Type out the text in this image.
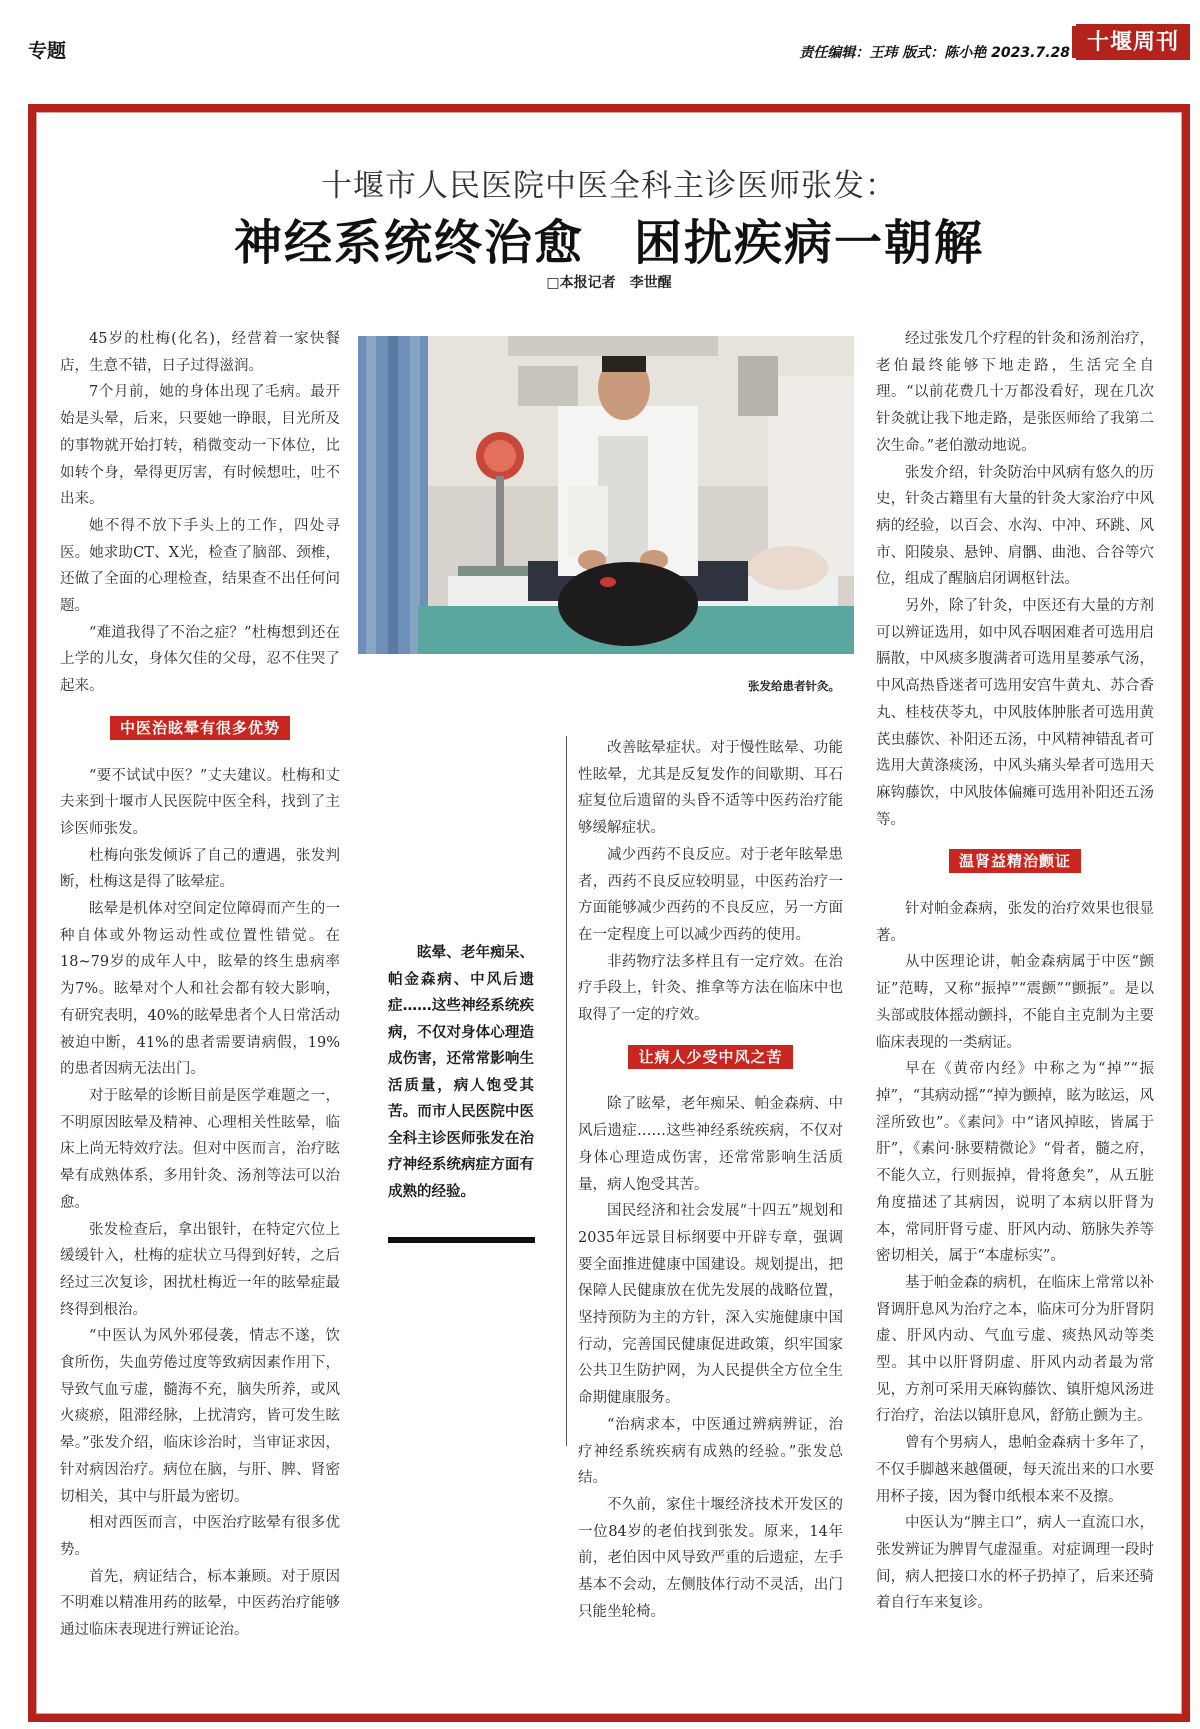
专题	责任编辑：王玮 版式：陈小艳 2023.7.28 十堰周刊
十堰市人民医院中医全科主诊医师张发：
神经系统终治愈　困扰疾病一朝解
□本报记者　李世醒

45岁的杜梅(化名)，经营着一家快餐店，生意不错，日子过得滋润。

7个月前，她的身体出现了毛病。最开始是头晕，后来，只要她一睁眼，目光所及的事物就开始打转，稍微变动一下体位，比如转个身，晕得更厉害，有时候想吐，吐不出来。

她不得不放下手头上的工作，四处寻医。她求助CT、X光，检查了脑部、颈椎，还做了全面的心理检查，结果查不出任何问题。

“难道我得了不治之症？”杜梅想到还在上学的儿女，身体欠佳的父母，忍不住哭了起来。

中医治眩晕有很多优势

“要不试试中医？”丈夫建议。杜梅和丈夫来到十堰市人民医院中医全科，找到了主诊医师张发。

杜梅向张发倾诉了自己的遭遇，张发判断，杜梅这是得了眩晕症。

眩晕是机体对空间定位障碍而产生的一种自体或外物运动性或位置性错觉。在18~79岁的成年人中，眩晕的终生患病率为7%。眩晕对个人和社会都有较大影响，有研究表明，40%的眩晕患者个人日常活动被迫中断，41%的患者需要请病假，19%的患者因病无法出门。

对于眩晕的诊断目前是医学难题之一，不明原因眩晕及精神、心理相关性眩晕，临床上尚无特效疗法。但对中医而言，治疗眩晕有成熟体系，多用针灸、汤剂等法可以治愈。

张发检查后，拿出银针，在特定穴位上缓缓针入，杜梅的症状立马得到好转，之后经过三次复诊，困扰杜梅近一年的眩晕症最终得到根治。

“中医认为风外邪侵袭，情志不遂，饮食所伤，失血劳倦过度等致病因素作用下，导致气血亏虚，髓海不充，脑失所养，或风火痰瘀，阻滞经脉，上扰清窍，皆可发生眩晕。”张发介绍，临床诊治时，当审证求因，针对病因治疗。病位在脑，与肝、脾、肾密切相关，其中与肝最为密切。

相对西医而言，中医治疗眩晕有很多优势。

首先，病证结合，标本兼顾。对于原因不明难以精准用药的眩晕，中医药治疗能够通过临床表现进行辨证论治。

张发给患者针灸。
眩晕、老年痴呆、帕金森病、中风后遗症……这些神经系统疾病，不仅对身体心理造成伤害，还常常影响生活质量，病人饱受其苦。而市人民医院中医全科主诊医师张发在治疗神经系统病症方面有成熟的经验。

改善眩晕症状。对于慢性眩晕、功能性眩晕，尤其是反复发作的间歇期、耳石症复位后遗留的头昏不适等中医药治疗能够缓解症状。

减少西药不良反应。对于老年眩晕患者，西药不良反应较明显，中医药治疗一方面能够减少西药的不良反应，另一方面在一定程度上可以减少西药的使用。

非药物疗法多样且有一定疗效。在治疗手段上，针灸、推拿等方法在临床中也取得了一定的疗效。

让病人少受中风之苦

除了眩晕，老年痴呆、帕金森病、中风后遗症……这些神经系统疾病，不仅对身体心理造成伤害，还常常影响生活质量，病人饱受其苦。

国民经济和社会发展“十四五”规划和2035年远景目标纲要中开辟专章，强调要全面推进健康中国建设。规划提出，把保障人民健康放在优先发展的战略位置，坚持预防为主的方针，深入实施健康中国行动，完善国民健康促进政策，织牢国家公共卫生防护网，为人民提供全方位全生命期健康服务。

“治病求本，中医通过辨病辨证，治疗神经系统疾病有成熟的经验。”张发总结。

不久前，家住十堰经济技术开发区的一位84岁的老伯找到张发。原来，14年前，老伯因中风导致严重的后遗症，左手基本不会动，左侧肢体行动不灵活，出门只能坐轮椅。

经过张发几个疗程的针灸和汤剂治疗，老伯最终能够下地走路，生活完全自理。“以前花费几十万都没看好，现在几次针灸就让我下地走路，是张医师给了我第二次生命。”老伯激动地说。

张发介绍，针灸防治中风病有悠久的历史，针灸古籍里有大量的针灸大家治疗中风病的经验，以百会、水沟、中冲、环跳、风市、阳陵泉、悬钟、肩髃、曲池、合谷等穴位，组成了醒脑启闭调枢针法。

另外，除了针灸，中医还有大量的方剂可以辨证选用，如中风吞咽困难者可选用启膈散，中风痰多腹满者可选用星蒌承气汤，中风高热昏迷者可选用安宫牛黄丸、苏合香丸、桂枝茯苓丸，中风肢体肿胀者可选用黄芪虫藤饮、补阳还五汤，中风精神错乱者可选用大黄涤痰汤，中风头痛头晕者可选用天麻钩藤饮，中风肢体偏瘫可选用补阳还五汤等。

温肾益精治颤证

针对帕金森病，张发的治疗效果也很显著。

从中医理论讲，帕金森病属于中医“颤证”范畴，又称“振掉”“震颤”“颤振”。是以头部或肢体摇动颤抖，不能自主克制为主要临床表现的一类病证。

早在《黄帝内经》中称之为“掉”“振掉”，“其病动摇”“掉为颤掉，眩为眩运，风淫所致也”。《素问》中“诸风掉眩，皆属于肝”，《素问·脉要精微论》“骨者，髓之府，不能久立，行则振掉，骨将惫矣”，从五脏角度描述了其病因，说明了本病以肝肾为本，常同肝肾亏虚、肝风内动、筋脉失养等密切相关，属于“本虚标实”。

基于帕金森的病机，在临床上常常以补肾调肝息风为治疗之本，临床可分为肝肾阴虚、肝风内动、气血亏虚、痰热风动等类型。其中以肝肾阴虚、肝风内动者最为常见，方剂可采用天麻钩藤饮、镇肝熄风汤进行治疗，治法以镇肝息风，舒筋止颤为主。

曾有个男病人，患帕金森病十多年了，不仅手脚越来越僵硬，每天流出来的口水要用杯子接，因为餐巾纸根本来不及擦。

中医认为“脾主口”，病人一直流口水，张发辨证为脾胃气虚湿重。对症调理一段时间，病人把接口水的杯子扔掉了，后来还骑着自行车来复诊。
